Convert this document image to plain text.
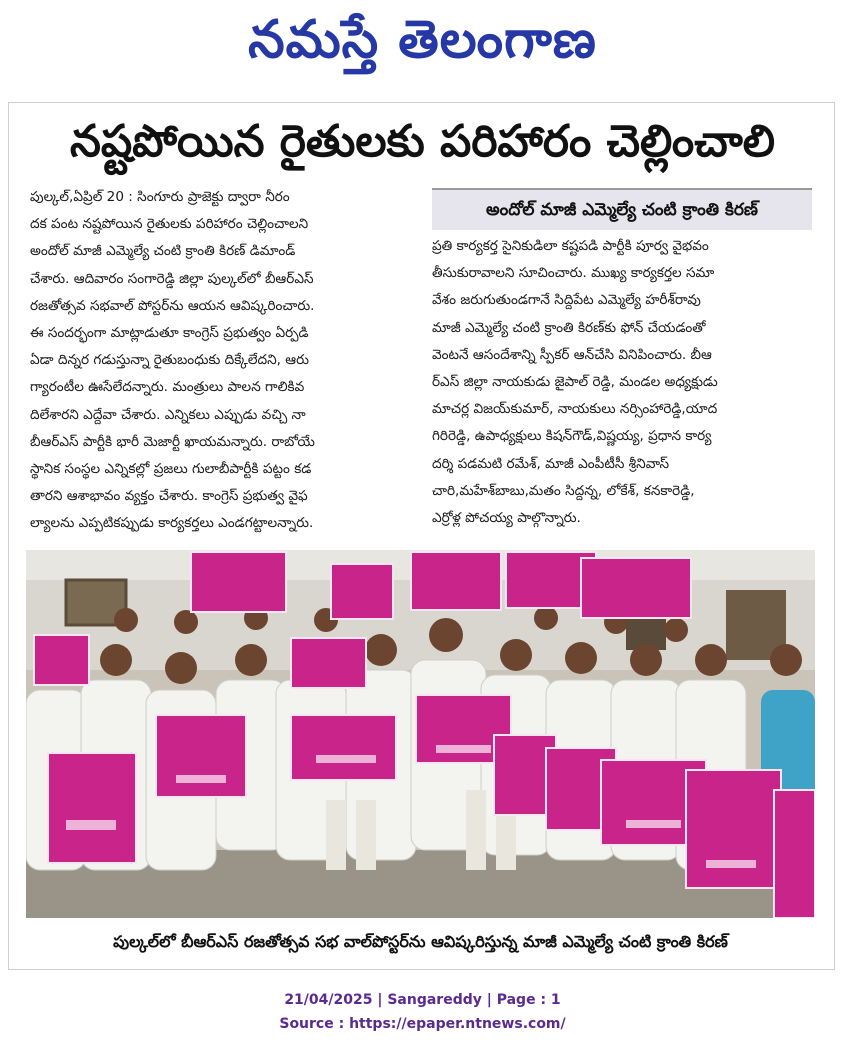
నమస్తే తెలంగాణ
నష్టపోయిన రైతులకు పరిహారం చెల్లించాలి
పుల్కల్,ఏప్రిల్ 20 : సింగూరు ప్రాజెక్టు ద్వారా నీరం
దక పంట నష్టపోయిన రైతులకు పరిహారం చెల్లించాలని
అందోల్ మాజీ ఎమ్మెల్యే చంటి క్రాంతి కిరణ్ డిమాండ్
చేశారు. ఆదివారం సంగారెడ్డి జిల్లా పుల్కల్‌లో బీఆర్ఎస్
రజతోత్సవ సభవాల్ పోస్టర్‌ను ఆయన ఆవిష్కరించారు.
ఈ సందర్భంగా మాట్లాడుతూ కాంగ్రెస్ ప్రభుత్వం ఏర్పడి
ఏడా దిన్నర గడుస్తున్నా రైతుబంధుకు దిక్కేలేదని, ఆరు
గ్యారంటీల ఊసేలేదన్నారు. మంత్రులు పాలన గాలికివ
దిలేశారని ఎద్దేవా చేశారు. ఎన్నికలు ఎప్పుడు వచ్చి నా
బీఆర్ఎస్ పార్టీకి భారీ మెజార్టీ ఖాయమన్నారు. రాబోయే
స్థానిక సంస్థల ఎన్నికల్లో ప్రజలు గులాబీపార్టీకి పట్టం కడ
తారని ఆశాభావం వ్యక్తం చేశారు. కాంగ్రెస్ ప్రభుత్వ వైఫ
ల్యాలను ఎప్పటికప్పుడు కార్యకర్తలు ఎండగట్టాలన్నారు.
అందోల్ మాజీ ఎమ్మెల్యే చంటి క్రాంతి కిరణ్
ప్రతి కార్యకర్త సైనికుడిలా కష్టపడి పార్టీకి పూర్వ వైభవం
తీసుకురావాలని సూచించారు. ముఖ్య కార్యకర్తల సమా
వేశం జరుగుతుండగానే సిద్దిపేట ఎమ్మెల్యే హరీశ్‌రావు
మాజీ ఎమ్మెల్యే చంటి క్రాంతి కిరణ్‌కు ఫోన్ చేయడంతో
వెంటనే ఆసందేశాన్ని స్పీకర్ ఆన్‌చేసి వినిపించారు. బీఆ
ర్ఎస్ జిల్లా నాయకుడు జైపాల్ రెడ్డి, మండల అధ్యక్షుడు
మాచర్ల విజయ్‌కుమార్, నాయకులు నర్సింహారెడ్డి,యాద
గిరిరెడ్డి, ఉపాధ్యక్షులు కిషన్‌గౌడ్,విష్ణయ్య, ప్రధాన కార్య
దర్శి పడమటి రమేశ్, మాజీ ఎంపీటీసీ శ్రీనివాస్
చారి,మహేశ్‌బాబు,మతం సిద్దన్న, లోకేశ్, కనకారెడ్డి,
ఎర్రోళ్ల పోచయ్య పాల్గొన్నారు.
పుల్కల్‌లో బీఆర్ఎస్ రజతోత్సవ సభ వాల్‌పోస్టర్‌ను ఆవిష్కరిస్తున్న మాజీ ఎమ్మెల్యే చంటి క్రాంతి కిరణ్
21/04/2025 | Sangareddy | Page : 1
Source : https://epaper.ntnews.com/
